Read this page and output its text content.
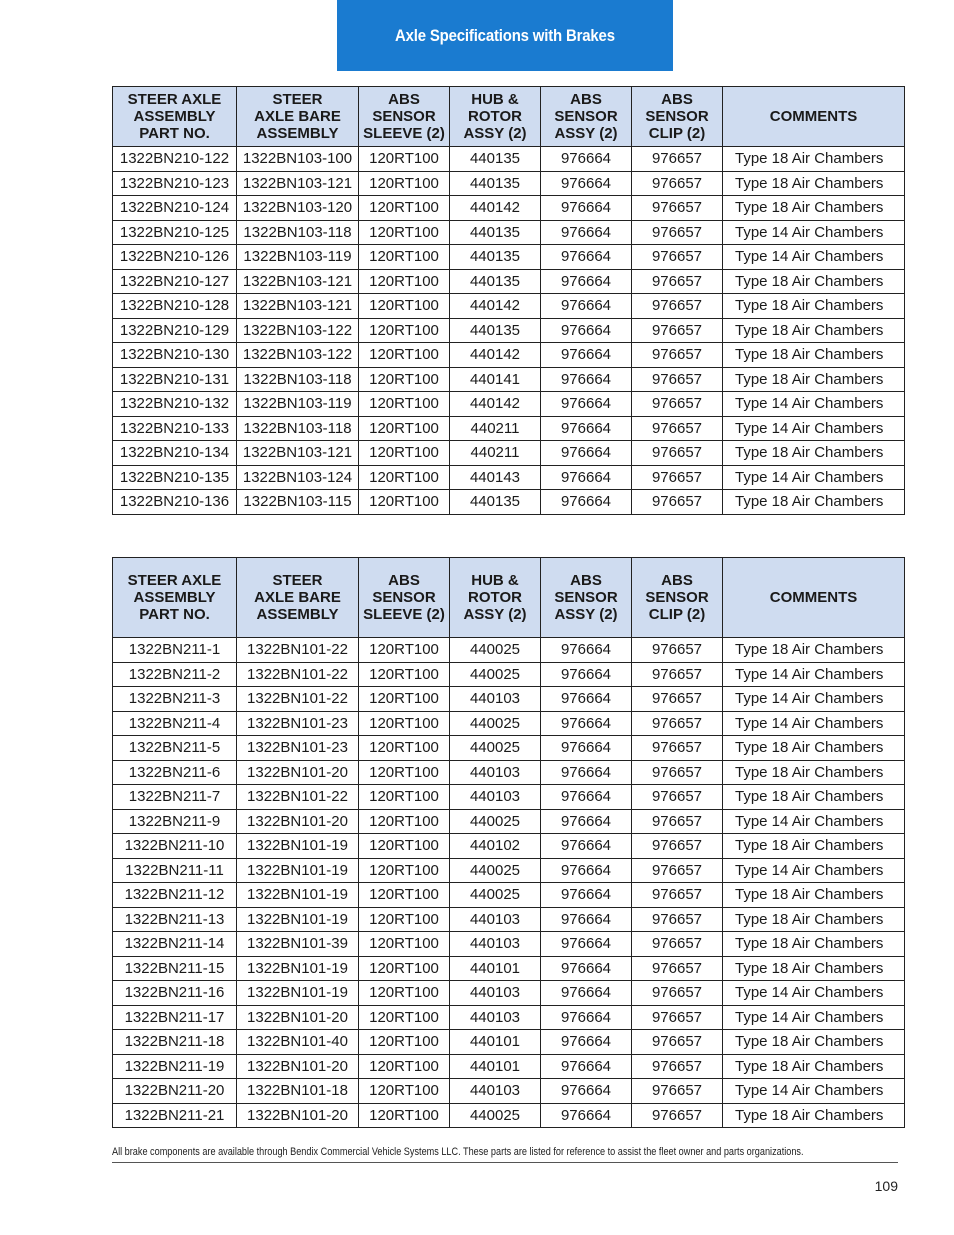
Axle Specifications with Brakes
STEER AXLE
ASSEMBLY
PART NO.	STEER
AXLE BARE
ASSEMBLY	ABS
SENSOR
SLEEVE (2)	HUB &
ROTOR
ASSY (2)	ABS
SENSOR
ASSY (2)	ABS
SENSOR
CLIP (2)	COMMENTS
1322BN210-122	1322BN103-100	120RT100	440135	976664	976657	Type 18 Air Chambers
1322BN210-123	1322BN103-121	120RT100	440135	976664	976657	Type 18 Air Chambers
1322BN210-124	1322BN103-120	120RT100	440142	976664	976657	Type 18 Air Chambers
1322BN210-125	1322BN103-118	120RT100	440135	976664	976657	Type 14 Air Chambers
1322BN210-126	1322BN103-119	120RT100	440135	976664	976657	Type 14 Air Chambers
1322BN210-127	1322BN103-121	120RT100	440135	976664	976657	Type 18 Air Chambers
1322BN210-128	1322BN103-121	120RT100	440142	976664	976657	Type 18 Air Chambers
1322BN210-129	1322BN103-122	120RT100	440135	976664	976657	Type 18 Air Chambers
1322BN210-130	1322BN103-122	120RT100	440142	976664	976657	Type 18 Air Chambers
1322BN210-131	1322BN103-118	120RT100	440141	976664	976657	Type 18 Air Chambers
1322BN210-132	1322BN103-119	120RT100	440142	976664	976657	Type 14 Air Chambers
1322BN210-133	1322BN103-118	120RT100	440211	976664	976657	Type 14 Air Chambers
1322BN210-134	1322BN103-121	120RT100	440211	976664	976657	Type 18 Air Chambers
1322BN210-135	1322BN103-124	120RT100	440143	976664	976657	Type 14 Air Chambers
1322BN210-136	1322BN103-115	120RT100	440135	976664	976657	Type 18 Air Chambers
STEER AXLE
ASSEMBLY
PART NO.	STEER
AXLE BARE
ASSEMBLY	ABS
SENSOR
SLEEVE (2)	HUB &
ROTOR
ASSY (2)	ABS
SENSOR
ASSY (2)	ABS
SENSOR
CLIP (2)	COMMENTS
1322BN211-1	1322BN101-22	120RT100	440025	976664	976657	Type 18 Air Chambers
1322BN211-2	1322BN101-22	120RT100	440025	976664	976657	Type 14 Air Chambers
1322BN211-3	1322BN101-22	120RT100	440103	976664	976657	Type 14 Air Chambers
1322BN211-4	1322BN101-23	120RT100	440025	976664	976657	Type 14 Air Chambers
1322BN211-5	1322BN101-23	120RT100	440025	976664	976657	Type 18 Air Chambers
1322BN211-6	1322BN101-20	120RT100	440103	976664	976657	Type 18 Air Chambers
1322BN211-7	1322BN101-22	120RT100	440103	976664	976657	Type 18 Air Chambers
1322BN211-9	1322BN101-20	120RT100	440025	976664	976657	Type 14 Air Chambers
1322BN211-10	1322BN101-19	120RT100	440102	976664	976657	Type 18 Air Chambers
1322BN211-11	1322BN101-19	120RT100	440025	976664	976657	Type 14 Air Chambers
1322BN211-12	1322BN101-19	120RT100	440025	976664	976657	Type 18 Air Chambers
1322BN211-13	1322BN101-19	120RT100	440103	976664	976657	Type 18 Air Chambers
1322BN211-14	1322BN101-39	120RT100	440103	976664	976657	Type 18 Air Chambers
1322BN211-15	1322BN101-19	120RT100	440101	976664	976657	Type 18 Air Chambers
1322BN211-16	1322BN101-19	120RT100	440103	976664	976657	Type 14 Air Chambers
1322BN211-17	1322BN101-20	120RT100	440103	976664	976657	Type 14 Air Chambers
1322BN211-18	1322BN101-40	120RT100	440101	976664	976657	Type 18 Air Chambers
1322BN211-19	1322BN101-20	120RT100	440101	976664	976657	Type 18 Air Chambers
1322BN211-20	1322BN101-18	120RT100	440103	976664	976657	Type 14 Air Chambers
1322BN211-21	1322BN101-20	120RT100	440025	976664	976657	Type 18 Air Chambers
All brake components are available through Bendix Commercial Vehicle Systems LLC. These parts are listed for reference to assist the fleet owner and parts organizations.
109
